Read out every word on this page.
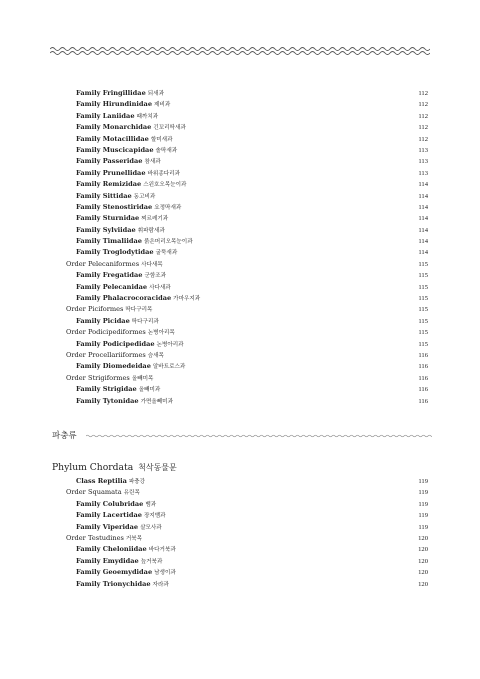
Family Fringillidae 되새과	112
Family Hirundinidae 제비과	112
Family Laniidae 때까치과	112
Family Monarchidae 긴꼬리딱새과	112
Family Motacillidae 할미새과	112
Family Muscicapidae 솔딱새과	113
Family Passeridae 참새과	113
Family Prunellidae 바위종다리과	113
Family Remizidae 스윈호오목눈이과	114
Family Sittidae 동고비과	114
Family Stenostiridae 요정딱새과	114
Family Sturnidae 찌르레기과	114
Family Sylviidae 휘파람새과	114
Family Timaliidae 붉은머리오목눈이과	114
Family Troglodytidae 굴뚝새과	114
Order Pelecaniformes 사다새목	115
Family Fregatidae 군함조과	115
Family Pelecanidae 사다새과	115
Family Phalacrocoracidae 가마우지과	115
Order Piciformes 딱다구리목	115
Family Picidae 딱다구리과	115
Order Podicipediformes 논병아리목	115
Family Podicipedidae 논병아리과	115
Order Procellariiformes 슴새목	116
Family Diomedeidae 알바트로스과	116
Order Strigiformes 올빼미목	116
Family Strigidae 올빼미과	116
Family Tytonidae 가면올빼미과	116
파충류
Phylum Chordata 척삭동물문
Class Reptilia 파충강	119
Order Squamata 유린목	119
Family Colubridae 뱀과	119
Family Lacertidae 장지뱀과	119
Family Viperidae 살모사과	119
Order Testudines 거북목	120
Family Cheloniidae 바다거북과	120
Family Emydidae 늪거북과	120
Family Geoemydidae 남생이과	120
Family Trionychidae 자라과	120
